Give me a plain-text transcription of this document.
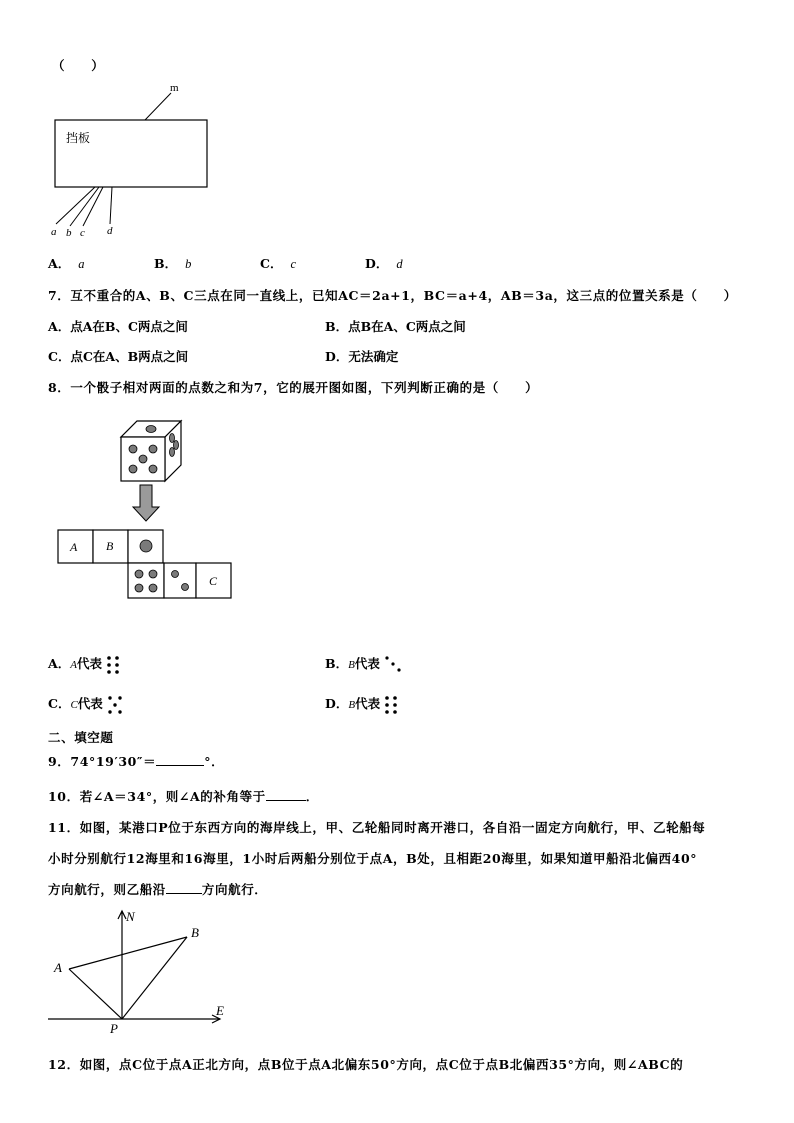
（　　）
m
挡板
a b c d
A． a	B． b	C． c	D． d
7．互不重合的A、B、C三点在同一直线上，已知AC＝2a+1，BC＝a+4，AB＝3a，这三点的位置关系是（　　）
A．点A在B、C两点之间	B．点B在A、C两点之间
C．点C在A、B两点之间	D．无法确定
8．一个骰子相对两面的点数之和为7，它的展开图如图，下列判断正确的是（　　）
A B
C
A．A代表	B．B代表
C．C代表	D．B代表
二、填空题
9．74°19′30″＝	°．
10．若∠A＝34°，则∠A的补角等于	．
11．如图，某港口P位于东西方向的海岸线上，甲、乙轮船同时离开港口，各自沿一固定方向航行，甲、乙轮船每
小时分别航行12海里和16海里，1小时后两船分别位于点A，B处，且相距20海里，如果知道甲船沿北偏西40°
方向航行，则乙船沿	方向航行．
N
B
A
P
E
12．如图，点C位于点A正北方向，点B位于点A北偏东50°方向，点C位于点B北偏西35°方向，则∠ABC的
